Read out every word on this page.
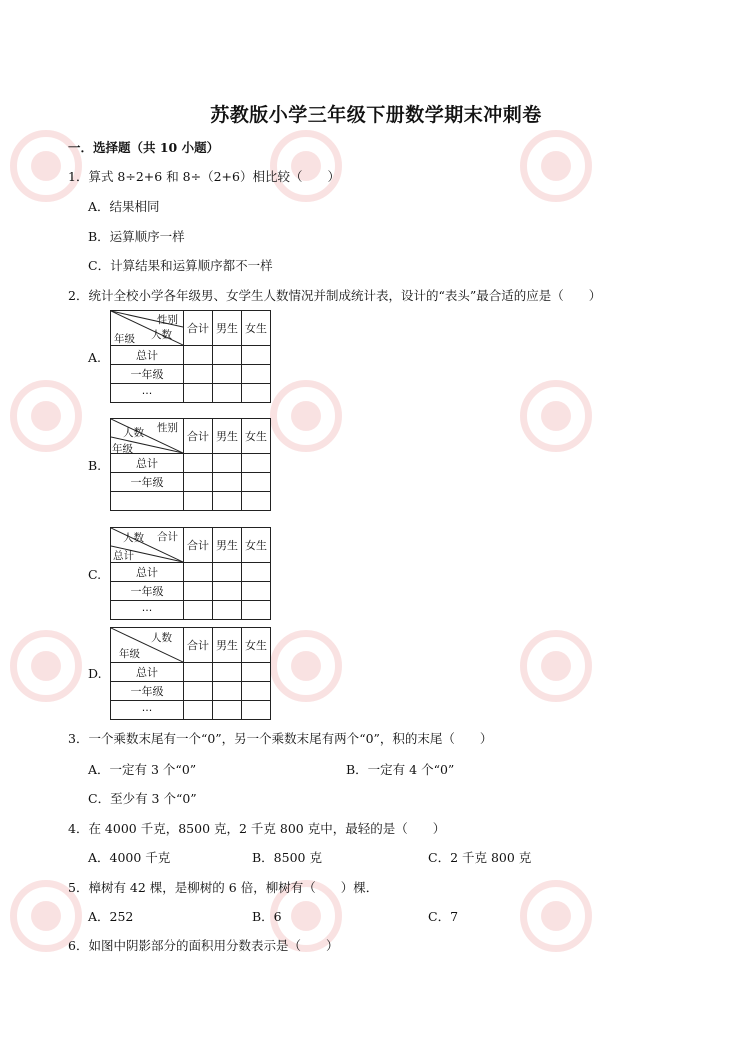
苏教版小学三年级下册数学期末冲刺卷
一．选择题（共 10 小题）
1．算式 8÷2+6 和 8÷（2+6）相比较（　　）
A．结果相同
B．运算顺序一样
C．计算结果和运算顺序都不一样
2．统计全校小学各年级男、女学生人数情况并制成统计表，设计的“表头”最合适的应是（　　）
A.
性别
人数
年级	合计	男生	女生
总计			
一年级			
···			
B.
性别
人数
年级	合计	男生	女生
总计			
一年级			

C.
合计
人数
总计	合计	男生	女生
总计			
一年级			
···			
D.
人数
年级	合计	男生	女生
总计			
一年级			
···			
3．一个乘数末尾有一个“0”，另一个乘数末尾有两个“0”，积的末尾（　　）
A．一定有 3 个“0”	B．一定有 4 个“0”
C．至少有 3 个“0”
4．在 4000 千克，8500 克，2 千克 800 克中，最轻的是（　　）
A．4000 千克	B．8500 克	C．2 千克 800 克
5．樟树有 42 棵，是柳树的 6 倍，柳树有（　　）棵．
A．252	B．6	C．7
6．如图中阴影部分的面积用分数表示是（　　）
